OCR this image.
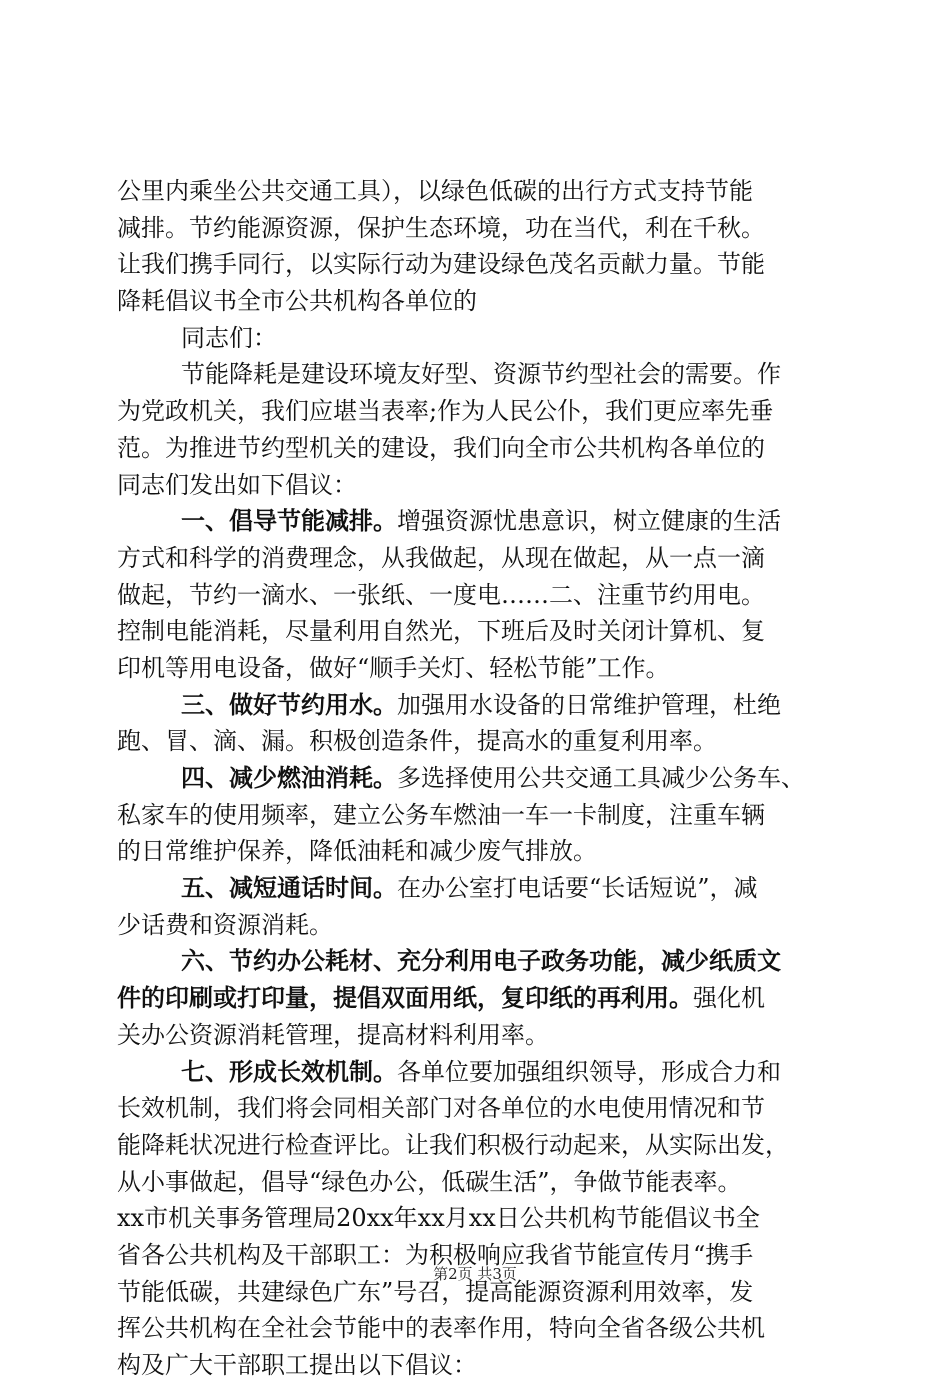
公里内乘坐公共交通工具），以绿色低碳的出行方式支持节能
减排。节约能源资源，保护生态环境，功在当代，利在千秋。
让我们携手同行，以实际行动为建设绿色茂名贡献力量。节能
降耗倡议书全市公共机构各单位的
同志们：
节能降耗是建设环境友好型、资源节约型社会的需要。作
为党政机关，我们应堪当表率;作为人民公仆，我们更应率先垂
范。为推进节约型机关的建设，我们向全市公共机构各单位的
同志们发出如下倡议：
一、倡导节能减排。增强资源忧患意识，树立健康的生活
方式和科学的消费理念，从我做起，从现在做起，从一点一滴
做起，节约一滴水、一张纸、一度电……二、注重节约用电。
控制电能消耗，尽量利用自然光，下班后及时关闭计算机、复
印机等用电设备，做好“顺手关灯、轻松节能”工作。
三、做好节约用水。加强用水设备的日常维护管理，杜绝
跑、冒、滴、漏。积极创造条件，提高水的重复利用率。
四、减少燃油消耗。多选择使用公共交通工具减少公务车、
私家车的使用频率，建立公务车燃油一车一卡制度，注重车辆
的日常维护保养，降低油耗和减少废气排放。
五、减短通话时间。在办公室打电话要“长话短说”，减
少话费和资源消耗。
六、节约办公耗材、充分利用电子政务功能，减少纸质文
件的印刷或打印量，提倡双面用纸，复印纸的再利用。强化机
关办公资源消耗管理，提高材料利用率。
七、形成长效机制。各单位要加强组织领导，形成合力和
长效机制，我们将会同相关部门对各单位的水电使用情况和节
能降耗状况进行检查评比。让我们积极行动起来，从实际出发，
从小事做起，倡导“绿色办公，低碳生活”，争做节能表率。
xx市机关事务管理局20xx年xx月xx日公共机构节能倡议书全
省各公共机构及干部职工：为积极响应我省节能宣传月“携手
节能低碳，共建绿色广东”号召，提高能源资源利用效率，发
挥公共机构在全社会节能中的表率作用，特向全省各级公共机
构及广大干部职工提出以下倡议：
第2页 共3页
